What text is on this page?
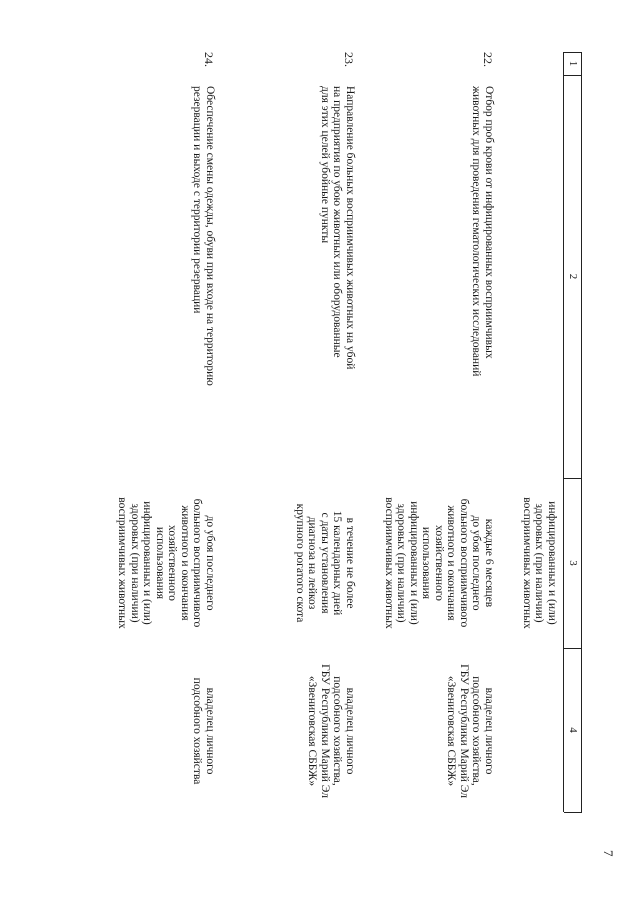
7
1
2
3
4

инфицированных и (или)

здоровых (при наличии)

восприимчивых животных

22.

Отбор проб крови от инфицированных восприимчивых

животных для проведения гематологических исследований

каждые 6 месяцев

до убоя последнего

больного восприимчивого

животного и окончания

хозяйственного

использования

инфицированных и (или)

здоровых (при наличии)

восприимчивых животных

владелец личного

подсобного хозяйства,

ГБУ Республики Марий Эл

«Звениговская СББЖ»

23.

Направление больных восприимчивых животных на убой

на предприятия по убою животных или оборудованные

для этих целей убойные пункты

в течение не более

15 календарных дней

с даты установления

диагноза на лейкоз

крупного рогатого скота

владелец личного

подсобного хозяйства,

ГБУ Республики Марий Эл

«Звениговская СББЖ»

24.

Обеспечение смены одежды, обуви при входе на территорию

резервации и выходе с территории резервации

до убоя последнего

больного восприимчивого

животного и окончания

хозяйственного

использования

инфицированных и (или)

здоровых (при наличии)

восприимчивых животных

владелец личного

подсобного хозяйства
